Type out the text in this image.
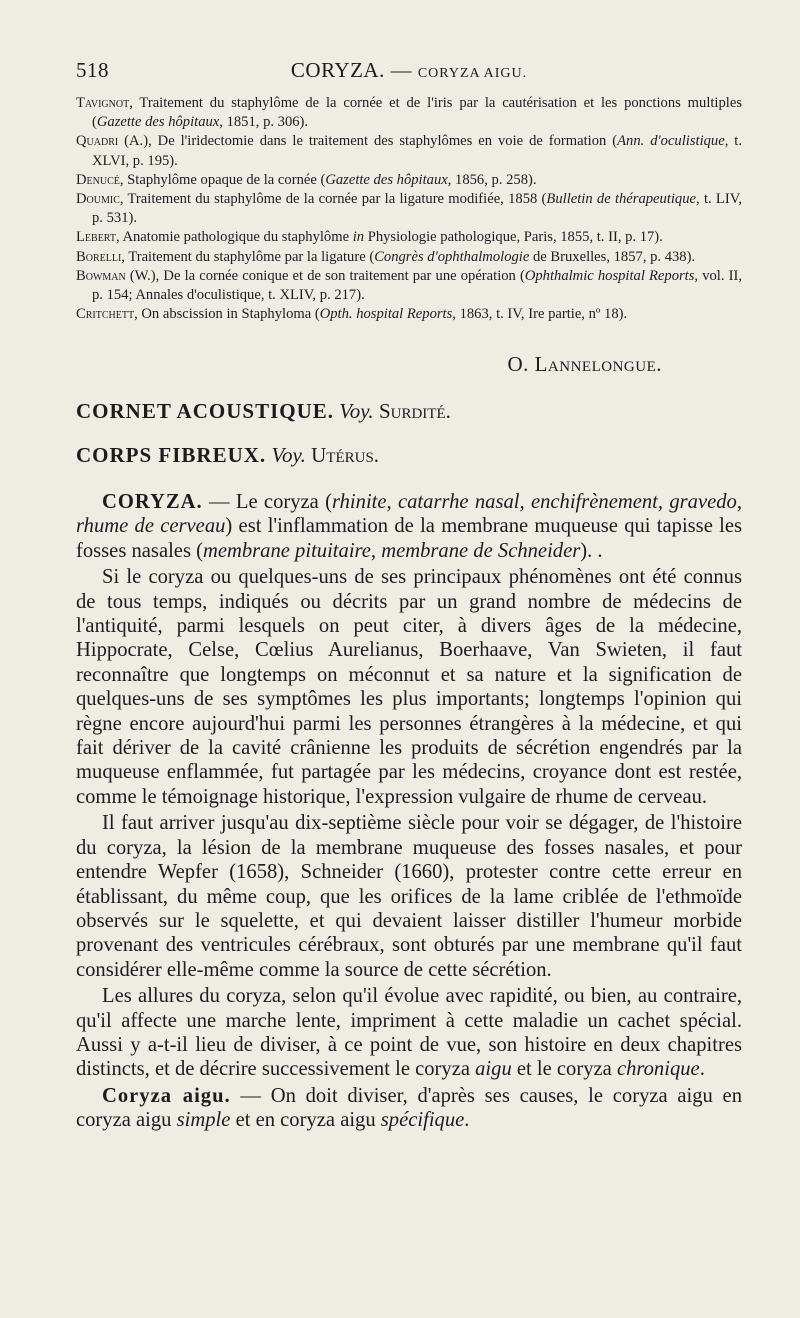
518	CORYZA. — CORYZA AIGU.

Tavignot, Traitement du staphylôme de la cornée et de l'iris par la cautérisation et les ponctions multiples (Gazette des hôpitaux, 1851, p. 306).

Quadri (A.), De l'iridectomie dans le traitement des staphylômes en voie de formation (Ann. d'oculistique, t. XLVI, p. 195).

Denucé, Staphylôme opaque de la cornée (Gazette des hôpitaux, 1856, p. 258).

Doumic, Traitement du staphylôme de la cornée par la ligature modifiée, 1858 (Bulletin de thérapeutique, t. LIV, p. 531).

Lebert, Anatomie pathologique du staphylôme in Physiologie pathologique, Paris, 1855, t. II, p. 17).

Borelli, Traitement du staphylôme par la ligature (Congrès d'ophthalmologie de Bruxelles, 1857, p. 438).

Bowman (W.), De la cornée conique et de son traitement par une opération (Ophthalmic hospital Reports, vol. II, p. 154; Annales d'oculistique, t. XLIV, p. 217).

Critchett, On abscission in Staphyloma (Opth. hospital Reports, 1863, t. IV, Ire partie, nº 18).

O. Lannelongue.
CORNET ACOUSTIQUE. Voy. Surdité.
CORPS FIBREUX. Voy. Utérus.

CORYZA. — Le coryza (rhinite, catarrhe nasal, enchifrènement, gravedo, rhume de cerveau) est l'inflammation de la membrane muqueuse qui tapisse les fosses nasales (membrane pituitaire, membrane de Schneider). .

Si le coryza ou quelques-uns de ses principaux phénomènes ont été connus de tous temps, indiqués ou décrits par un grand nombre de médecins de l'antiquité, parmi lesquels on peut citer, à divers âges de la médecine, Hippocrate, Celse, Cœlius Aurelianus, Boerhaave, Van Swieten, il faut reconnaître que longtemps on méconnut et sa nature et la signification de quelques-uns de ses symptômes les plus importants; longtemps l'opinion qui règne encore aujourd'hui parmi les personnes étrangères à la médecine, et qui fait dériver de la cavité crânienne les produits de sécrétion engendrés par la muqueuse enflammée, fut partagée par les médecins, croyance dont est restée, comme le témoignage historique, l'expression vulgaire de rhume de cerveau.

Il faut arriver jusqu'au dix-septième siècle pour voir se dégager, de l'histoire du coryza, la lésion de la membrane muqueuse des fosses nasales, et pour entendre Wepfer (1658), Schneider (1660), protester contre cette erreur en établissant, du même coup, que les orifices de la lame criblée de l'ethmoïde observés sur le squelette, et qui devaient laisser distiller l'humeur morbide provenant des ventricules cérébraux, sont obturés par une membrane qu'il faut considérer elle-même comme la source de cette sécrétion.

Les allures du coryza, selon qu'il évolue avec rapidité, ou bien, au contraire, qu'il affecte une marche lente, impriment à cette maladie un cachet spécial. Aussi y a-t-il lieu de diviser, à ce point de vue, son histoire en deux chapitres distincts, et de décrire successivement le coryza aigu et le coryza chronique.

Coryza aigu. — On doit diviser, d'après ses causes, le coryza aigu en coryza aigu simple et en coryza aigu spécifique.
